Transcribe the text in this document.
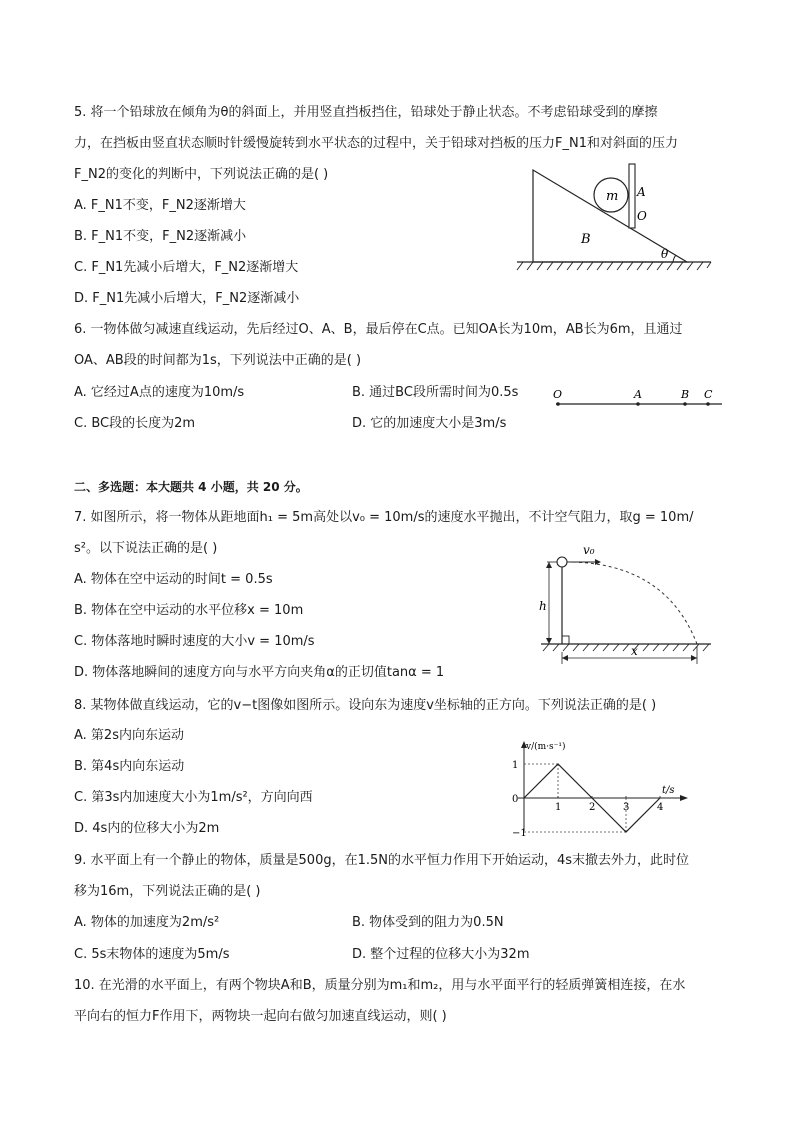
5. 将一个铅球放在倾角为θ的斜面上，并用竖直挡板挡住，铅球处于静止状态。不考虑铅球受到的摩擦
力，在挡板由竖直状态顺时针缓慢旋转到水平状态的过程中，关于铅球对挡板的压力F_N1和对斜面的压力
F_N2的变化的判断中，下列说法正确的是( )
A. F_N1不变，F_N2逐渐增大
B. F_N1不变，F_N2逐渐减小
C. F_N1先减小后增大，F_N2逐渐增大
D. F_N1先减小后增大，F_N2逐渐减小
m A
O
B
θ
6. 一物体做匀减速直线运动，先后经过O、A、B，最后停在C点。已知OA长为10m，AB长为6m，且通过
OA、AB段的时间都为1s，下列说法中正确的是( )
A. 它经过A点的速度为10m/s	B. 通过BC段所需时间为0.5s
C. BC段的长度为2m	D. 它的加速度大小是3m/s
O	A	B C
二、多选题：本大题共 4 小题，共 20 分。
7. 如图所示，将一物体从距地面h₁ = 5m高处以v₀ = 10m/s的速度水平抛出，不计空气阻力，取g = 10m/
s²。以下说法正确的是( )
A. 物体在空中运动的时间t = 0.5s
B. 物体在空中运动的水平位移x = 10m
C. 物体落地时瞬时速度的大小v = 10m/s
D. 物体落地瞬间的速度方向与水平方向夹角α的正切值tanα = 1
v₀
h
x
8. 某物体做直线运动，它的v−t图像如图所示。设向东为速度v坐标轴的正方向。下列说法正确的是( )
A. 第2s内向东运动
B. 第4s内向东运动
C. 第3s内加速度大小为1m/s²，方向向西
D. 4s内的位移大小为2m
v/(m·s⁻¹)
t/s
1	2	3	4
1
0
−1
9. 水平面上有一个静止的物体，质量是500g，在1.5N的水平恒力作用下开始运动，4s末撤去外力，此时位
移为16m，下列说法正确的是( )
A. 物体的加速度为2m/s²	B. 物体受到的阻力为0.5N
C. 5s末物体的速度为5m/s	D. 整个过程的位移大小为32m
10. 在光滑的水平面上，有两个物块A和B，质量分别为m₁和m₂，用与水平面平行的轻质弹簧相连接，在水
平向右的恒力F作用下，两物块一起向右做匀加速直线运动，则( )
